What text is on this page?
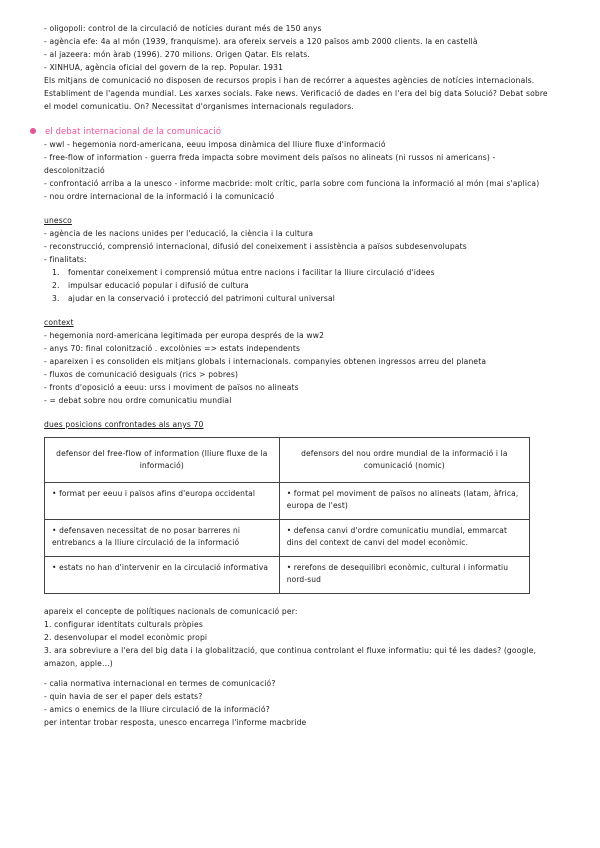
- oligopoli: control de la circulació de notícies durant més de 150 anys
- agència efe: 4a al món (1939, franquisme). ara ofereix serveis a 120 països amb 2000 clients. la en castellà
- al jazeera: món àrab (1996). 270 milions. Origen Qatar. Els relats.
- XINHUA, agència oficial del govern de la rep. Popular. 1931
Els mitjans de comunicació no disposen de recursos propis i han de recórrer a aquestes agències de notícies internacionals. Establiment de l'agenda mundial. Les xarxes socials. Fake news. Verificació de dades en l'era del big data Solució? Debat sobre el model comunicatiu. On? Necessitat d'organismes internacionals reguladors.
el debat internacional de la comunicació
- wwl - hegemonia nord-americana, eeuu imposa dinàmica del lliure fluxe d'informació
- free-flow of information - guerra freda impacta sobre moviment dels països no alineats (ni russos ni americans) - descolonització
- confrontació arriba a la unesco - informe macbride: molt crític, parla sobre com funciona la informació al món (mai s'aplica)
- nou ordre internacional de la informació i la comunicació
unesco
- agència de les nacions unides per l'educació, la ciència i la cultura
- reconstrucció, comprensió internacional, difusió del coneixement i assistència a països subdesenvolupats
- finalitats:
1.	fomentar coneixement i comprensió mútua entre nacions i facilitar la lliure circulació d'idees
2.	impulsar educació popular i difusió de cultura
3.	ajudar en la conservació i protecció del patrimoni cultural universal
context
- hegemonia nord-americana legitimada per europa després de la ww2
- anys 70: final colonització . excolònies => estats independents
- apareixen i es consoliden els mitjans globals i internacionals. companyies obtenen ingressos arreu del planeta
- fluxos de comunicació desiguals (rics > pobres)
- fronts d'oposició a eeuu: urss i moviment de països no alineats
- = debat sobre nou ordre comunicatiu mundial
dues posicions confrontades als anys 70
defensor del free-flow of information (lliure fluxe de la informació)	defensors del nou ordre mundial de la informació i la comunicació (nomic)
• format per eeuu i països afins d'europa occidental	• format pel moviment de països no alineats (latam, àfrica, europa de l'est)
• defensaven necessitat de no posar barreres ni entrebancs a la lliure circulació de la informació	• defensa canvi d'ordre comunicatiu mundial, emmarcat dins del context de canvi del model econòmic.
• estats no han d'intervenir en la circulació informativa	• rerefons de desequilibri econòmic, cultural i informatiu nord-sud
apareix el concepte de polítiques nacionals de comunicació per:
1. configurar identitats culturals pròpies
2. desenvolupar el model econòmic propi
3. ara sobreviure a l'era del big data i la globalització, que continua controlant el fluxe informatiu: qui té les dades? (google, amazon, apple...)
- calia normativa internacional en termes de comunicació?
- quin havia de ser el paper dels estats?
- amics o enemics de la lliure circulació de la informació?
per intentar trobar resposta, unesco encarrega l'informe macbride
